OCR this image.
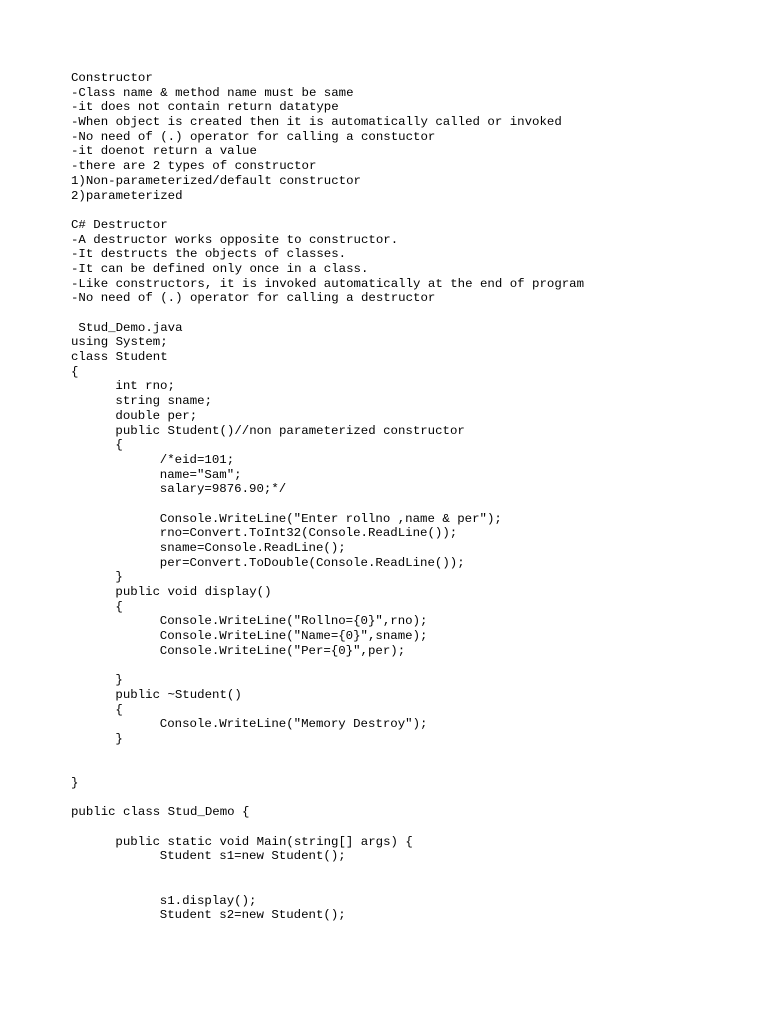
Constructor
-Class name & method name must be same
-it does not contain return datatype
-When object is created then it is automatically called or invoked
-No need of (.) operator for calling a constuctor
-it doenot return a value
-there are 2 types of constructor
1)Non-parameterized/default constructor
2)parameterized
C# Destructor
-A destructor works opposite to constructor.
-It destructs the objects of classes.
-It can be defined only once in a class.
-Like constructors, it is invoked automatically at the end of program
-No need of (.) operator for calling a destructor
Stud_Demo.java
using System;
class Student
{
int rno;
string sname;
double per;
public Student()//non parameterized constructor
{
/*eid=101;
name="Sam";
salary=9876.90;*/
Console.WriteLine("Enter rollno ,name & per");
rno=Convert.ToInt32(Console.ReadLine());
sname=Console.ReadLine();
per=Convert.ToDouble(Console.ReadLine());
}
public void display()
{
Console.WriteLine("Rollno={0}",rno);
Console.WriteLine("Name={0}",sname);
Console.WriteLine("Per={0}",per);
}
public ~Student()
{
Console.WriteLine("Memory Destroy");
}
}
public class Stud_Demo {
public static void Main(string[] args) {
Student s1=new Student();
s1.display();
Student s2=new Student();
